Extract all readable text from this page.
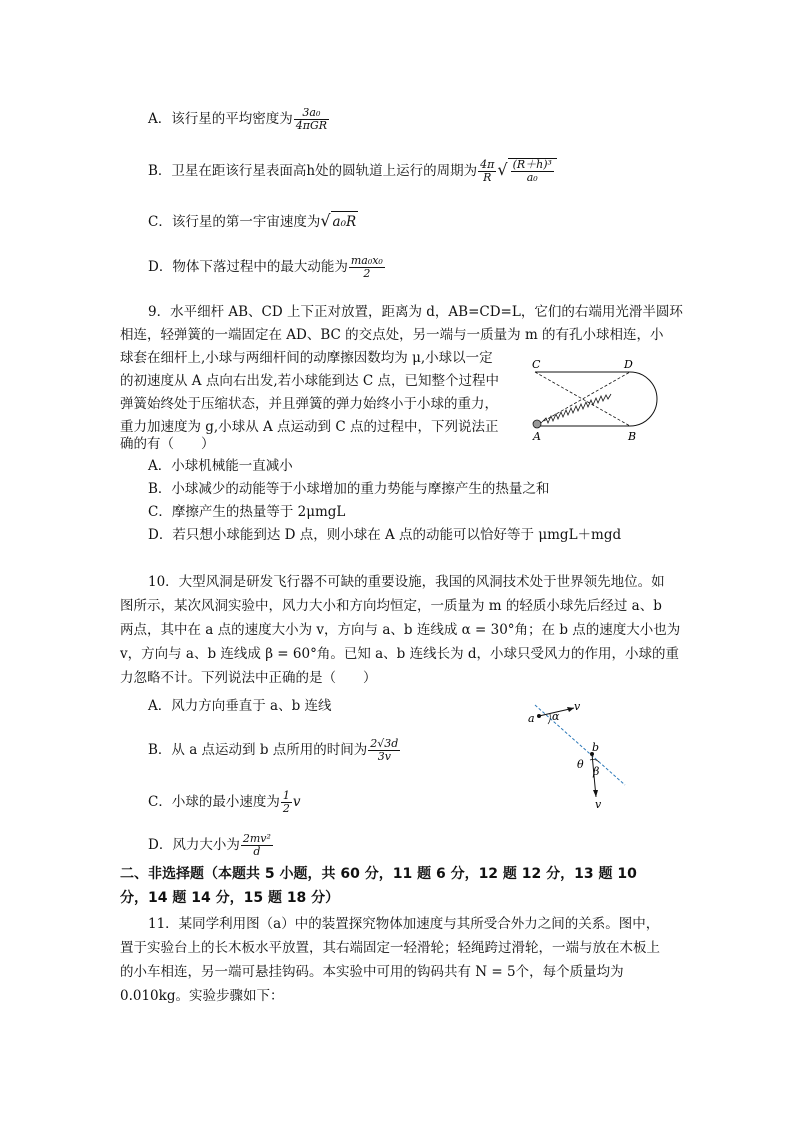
A．该行星的平均密度为 $\frac{\text{3a₀}}{\text{4πGR}}$
B．卫星在距该行星表面高h处的圆轨道上运行的周期为 $\frac{4\pi}{R}$ √ $\frac{\text{(R＋h)³}}{\text{a₀}}$
C．该行星的第一宇宙速度为√ a₀R
D．物体下落过程中的最大动能为 $\frac{\text{ma₀x₀}}{2}$
9．水平细杆 AB、CD 上下正对放置，距离为 d，AB=CD=L，它们的右端用光滑半圆环
相连，轻弹簧的一端固定在 AD、BC 的交点处，另一端与一质量为 m 的有孔小球相连，小
球套在细杆上,小球与两细杆间的动摩擦因数均为 μ,小球以一定
的初速度从 A 点向右出发,若小球能到达 C 点，已知整个过程中
弹簧始终处于压缩状态，并且弹簧的弹力始终小于小球的重力，
重力加速度为 g,小球从 A 点运动到 C 点的过程中，下列说法正
确的有（　　）
A．小球机械能一直减小
B．小球减少的动能等于小球增加的重力势能与摩擦产生的热量之和
C．摩擦产生的热量等于 2μmgL
D．若只想小球能到达 D 点，则小球在 A 点的动能可以恰好等于 μmgL＋mgd
C	D
A	B
10．大型风洞是研发飞行器不可缺的重要设施，我国的风洞技术处于世界领先地位。如
图所示，某次风洞实验中，风力大小和方向均恒定，一质量为 m 的轻质小球先后经过 a、b
两点，其中在 a 点的速度大小为 v，方向与 a、b 连线成 α = 30°角；在 b 点的速度大小也为
v，方向与 a、b 连线成 β = 60°角。已知 a、b 连线长为 d，小球只受风力的作用，小球的重
力忽略不计。下列说法中正确的是（　　）
A．风力方向垂直于 a、b 连线
B．从 a 点运动到 b 点所用的时间为 $\frac{2√3d}{3v}$
C．小球的最小速度为 $\frac{1}{2}$ v
D．风力大小为 $\frac{\text{2mv²}}{d}$
a α
v
b
θ
β
v
二、非选择题（本题共 5 小题，共 60 分，11 题 6 分，12 题 12 分，13 题 10
分，14 题 14 分，15 题 18 分）
11．某同学利用图（a）中的装置探究物体加速度与其所受合外力之间的关系。图中，
置于实验台上的长木板水平放置，其右端固定一轻滑轮；轻绳跨过滑轮，一端与放在木板上
的小车相连，另一端可悬挂钩码。本实验中可用的钩码共有 N = 5个，每个质量均为
0.010kg。实验步骤如下：
